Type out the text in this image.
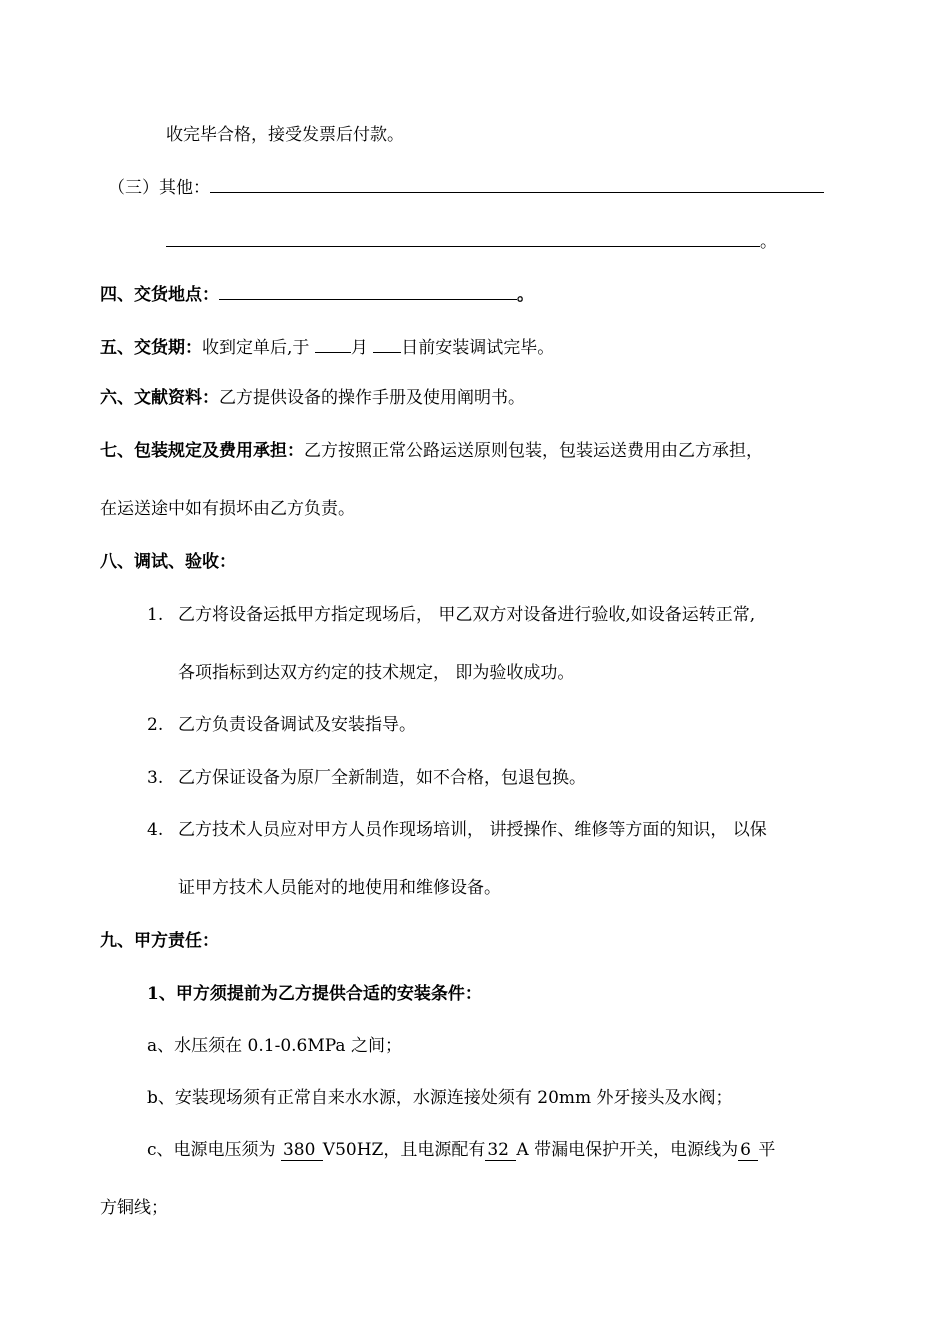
收完毕合格，接受发票后付款。
（三）其他：
。
四、交货地点：	。
五、交货期：收到定单后,于 月 日前安装调试完毕。
六、文献资料：乙方提供设备的操作手册及使用阐明书。
七、包装规定及费用承担：乙方按照正常公路运送原则包装，包装运送费用由乙方承担，
在运送途中如有损坏由乙方负责。
八、调试、验收：
1. 乙方将设备运抵甲方指定现场后， 甲乙双方对设备进行验收,如设备运转正常,
各项指标到达双方约定的技术规定， 即为验收成功。
2. 乙方负责设备调试及安装指导。
3. 乙方保证设备为原厂全新制造，如不合格，包退包换。
4. 乙方技术人员应对甲方人员作现场培训， 讲授操作、维修等方面的知识， 以保
证甲方技术人员能对的地使用和维修设备。
九、甲方责任：
1、甲方须提前为乙方提供合适的安装条件：
a、水压须在 0.1-0.6MPa 之间；
b、安装现场须有正常自来水水源，水源连接处须有 20mm 外牙接头及水阀；
c、电源电压须为 380 V50HZ，且电源配有 32 A 带漏电保护开关，电源线为 6 平
方铜线；
